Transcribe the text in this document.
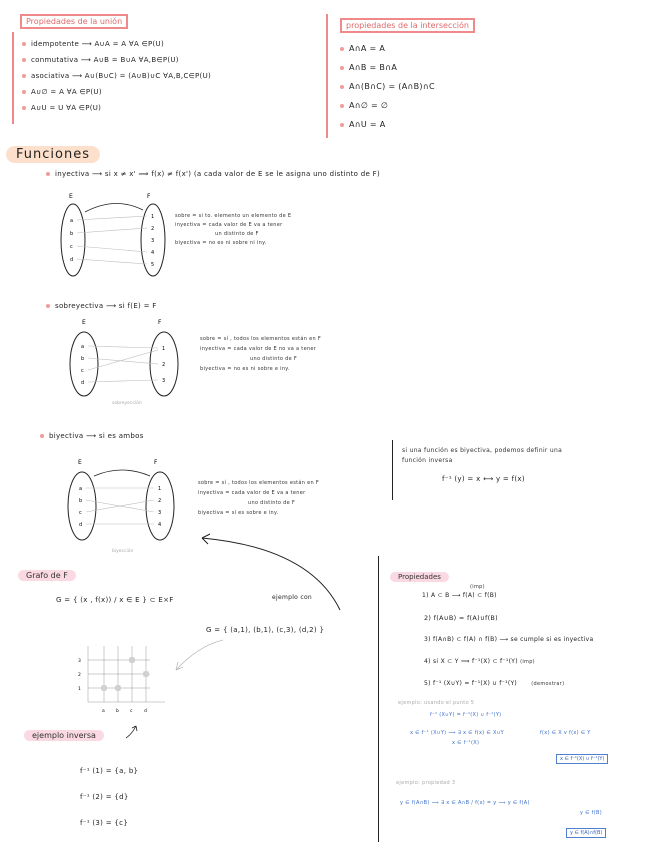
Propiedades de la unión
idempotente ⟶ A∪A = A ∀A ∈P(U)
conmutativa ⟶ A∪B = B∪A ∀A,B∈P(U)
asociativa ⟶ A∪(B∪C) = (A∪B)∪C ∀A,B,C∈P(U)
A∪∅ = A ∀A ∈P(U)
A∪U = U ∀A ∈P(U)
propiedades de la intersección
A∩A = A
A∩B = B∩A
A∩(B∩C) = (A∩B)∩C
A∩∅ = ∅
A∩U = A
Funciones
inyectiva ⟶ si x ≠ x' ⟹ f(x) ≠ f(x') (a cada valor de E se le asigna uno distinto de F)
E	F
a
b
c
d
1
2
3
4
5
sobre = si to. elemento un elemento de E
inyectiva = cada valor de E va a tener
un distinto de F
biyectiva = no es ni sobre ni iny.
sobreyectiva ⟶ si f(E) = F
E	F
a
b
c
d
1
2
3
sobreyección
sobre = sí , todos los elementos están en F
inyectiva = cada valor de E no va a tener
uno distinto de F
biyectiva = no es ni sobre e iny.
biyectiva ⟶ si es ambos
E	F
a
b
c
d
1
2
3
4
biyección
sobre = sí , todos los elementos están en F
inyectiva = cada valor de E va a tener
uno distinto de F
biyectiva = sí es sobre e iny.
si una función es biyectiva, podemos definir una
función inversa
f⁻¹ (y) = x ⟷ y = f(x)
Grafo de F
G = { (x , f(x)) / x ∈ E } ⊂ E×F	ejemplo con
G = { (a,1), (b,1), (c,3), (d,2) }
3
2
1
a b c	d
ejemplo inversa
f⁻¹ (1) = {a, b}
f⁻¹ (2) = {d}
f⁻¹ (3) = {c}
Propiedades
(imp)
1) A ⊂ B ⟶ f(A) ⊂ f(B)
2) f(A∪B) = f(A)∪f(B)
3) f(A∩B) ⊂ f(A) ∩ f(B) ⟶ se cumple si es inyectiva
4) si X ⊂ Y ⟹ f⁻¹(X) ⊂ f⁻¹(Y) (imp)
5) f⁻¹ (X∪Y) = f⁻¹(X) ∪ f⁻¹(Y)	(demostrar)
ejemplo: usando el punto 5
f⁻¹ (X∪Y) = f⁻¹(X) ∪ f⁻¹(Y)
x ∈ f⁻¹ (X∪Y) ⟹ ∃ x ∈ f(x) ∈ X∪Y	f(x) ∈ X v f(x) ∈ Y
x ∈ f⁻¹(X)
x ∈ f⁻¹(X) ∪ f⁻¹(Y)
ejemplo: propiedad 3
y ∈ f(A∩B) ⟹ ∃ x ∈ A∩B / f(x) = y ⟹ y ∈ f(A)
y ∈ f(B)
y ∈ f(A)∩f(B)
